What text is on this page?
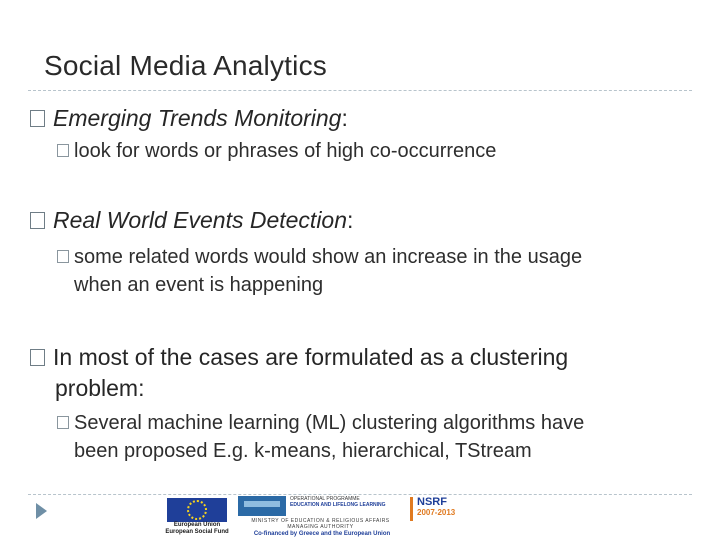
Social Media Analytics
Emerging Trends Monitoring:
look for words or phrases of high co-occurrence
Real World Events Detection:
some related words would show an increase in the usage
when an event is happening
In most of the cases are formulated as a clustering
problem:
Several machine learning (ML) clustering algorithms have
been proposed E.g. k-means, hierarchical, TStream
European Union European Social Fund
OPERATIONAL PROGRAMME
EDUCATION AND LIFELONG LEARNING
MINISTRY OF EDUCATION & RELIGIOUS AFFAIRS MANAGING AUTHORITY
Co-financed by Greece and the European Union
NSRF
2007-2013
